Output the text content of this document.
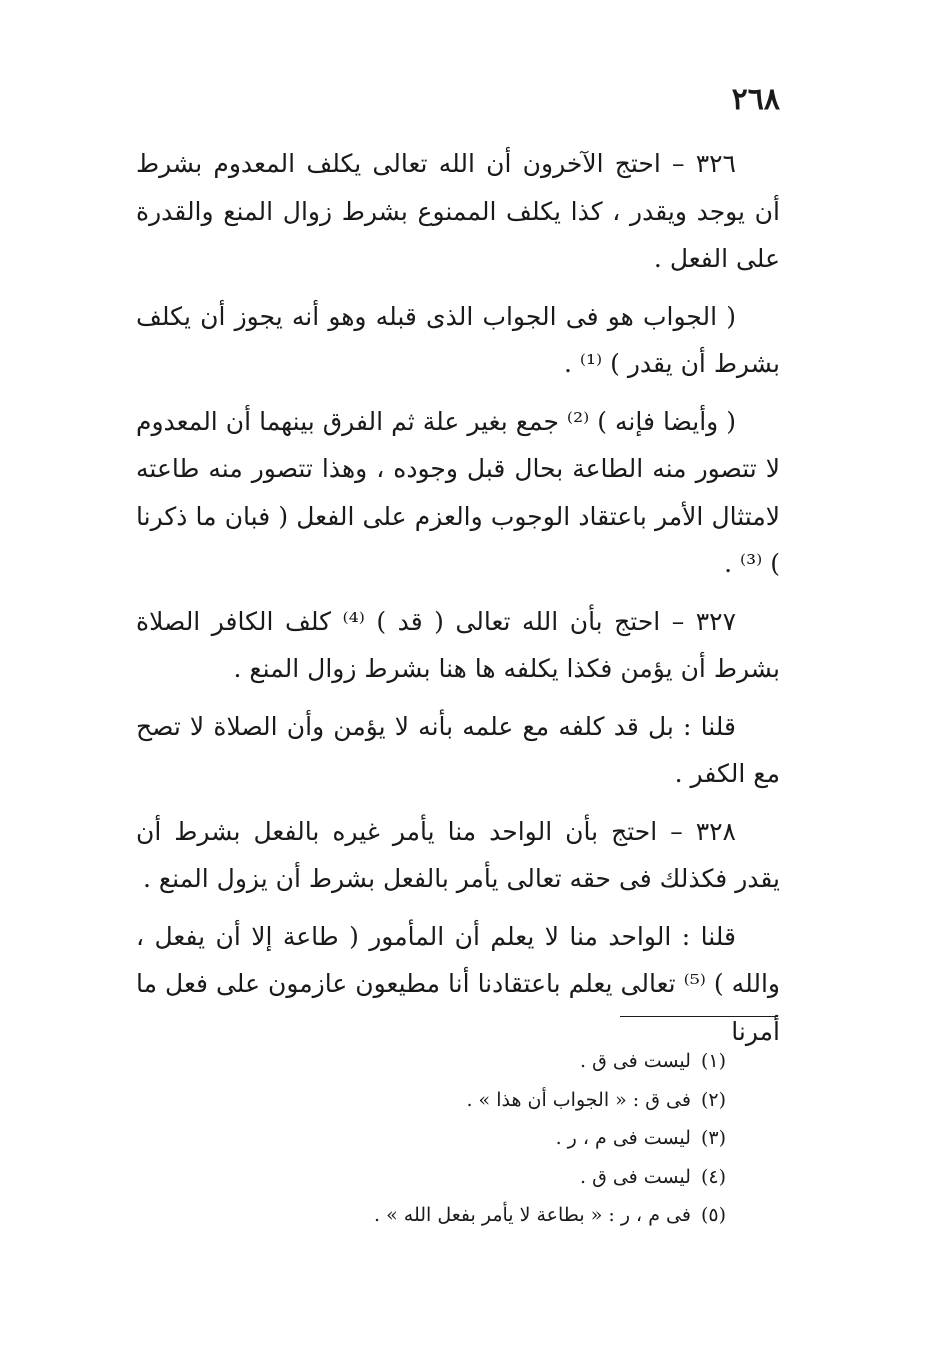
٢٦٨

٣٢٦ – احتج الآخرون أن الله تعالى يكلف المعدوم بشرط أن يوجد ويقدر ، كذا يكلف الممنوع بشرط زوال المنع والقدرة على الفعل .

( الجواب هو فى الجواب الذى قبله وهو أنه يجوز أن يكلف بشرط أن يقدر ) ⁽¹⁾ .

( وأيضا فإنه ) ⁽²⁾ جمع بغير علة ثم الفرق بينهما أن المعدوم لا تتصور منه الطاعة بحال قبل وجوده ، وهذا تتصور منه طاعته لامتثال الأمر باعتقاد الوجوب والعزم على الفعل ( فبان ما ذكرنا ) ⁽³⁾ .

٣٢٧ – احتج بأن الله تعالى ( قد ) ⁽⁴⁾ كلف الكافر الصلاة بشرط أن يؤمن فكذا يكلفه ها هنا بشرط زوال المنع .

قلنا : بل قد كلفه مع علمه بأنه لا يؤمن وأن الصلاة لا تصح مع الكفر .

٣٢٨ – احتج بأن الواحد منا يأمر غيره بالفعل بشرط أن يقدر فكذلك فى حقه تعالى يأمر بالفعل بشرط أن يزول المنع .

قلنا : الواحد منا لا يعلم أن المأمور ( طاعة إلا أن يفعل ، والله ) ⁽⁵⁾ تعالى يعلم باعتقادنا أنا مطيعون عازمون على فعل ما أمرنا

(١)ليست فى ق .
(٢)فى ق : « الجواب أن هذا » .
(٣)ليست فى م ، ر .
(٤)ليست فى ق .
(٥)فى م ، ر : « بطاعة لا يأمر بفعل الله » .
